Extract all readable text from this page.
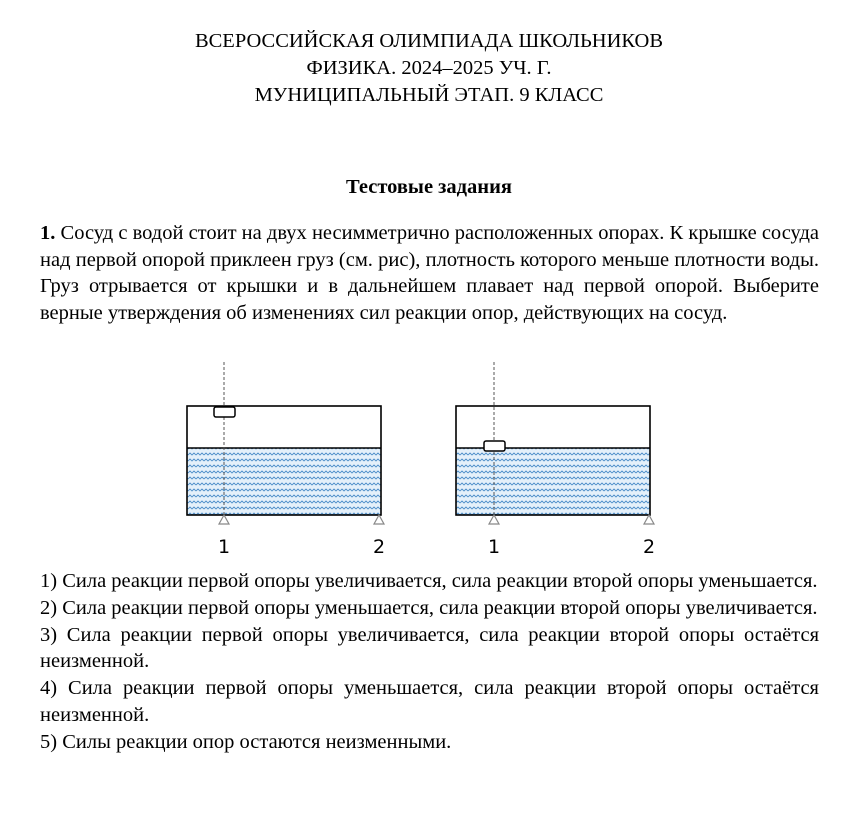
ВСЕРОССИЙСКАЯ ОЛИМПИАДА ШКОЛЬНИКОВ
ФИЗИКА. 2024–2025 УЧ. Г.
МУНИЦИПАЛЬНЫЙ ЭТАП. 9 КЛАСС
Тестовые задания
1. Сосуд с водой стоит на двух несимметрично расположенных опорах. К крышке сосуда над первой опорой приклеен груз (см. рис), плотность которого меньше плотности воды. Груз отрывается от крышки и в дальнейшем плавает над первой опорой. Выберите верные утверждения об изменениях сил реакции опор, действующих на сосуд.
1	2	1	2
1) Сила реакции первой опоры увеличивается, сила реакции второй опоры уменьшается.
2) Сила реакции первой опоры уменьшается, сила реакции второй опоры увеличивается.
3) Сила реакции первой опоры увеличивается, сила реакции второй опоры остаётся неизменной.
4) Сила реакции первой опоры уменьшается, сила реакции второй опоры остаётся неизменной.
5) Силы реакции опор остаются неизменными.
